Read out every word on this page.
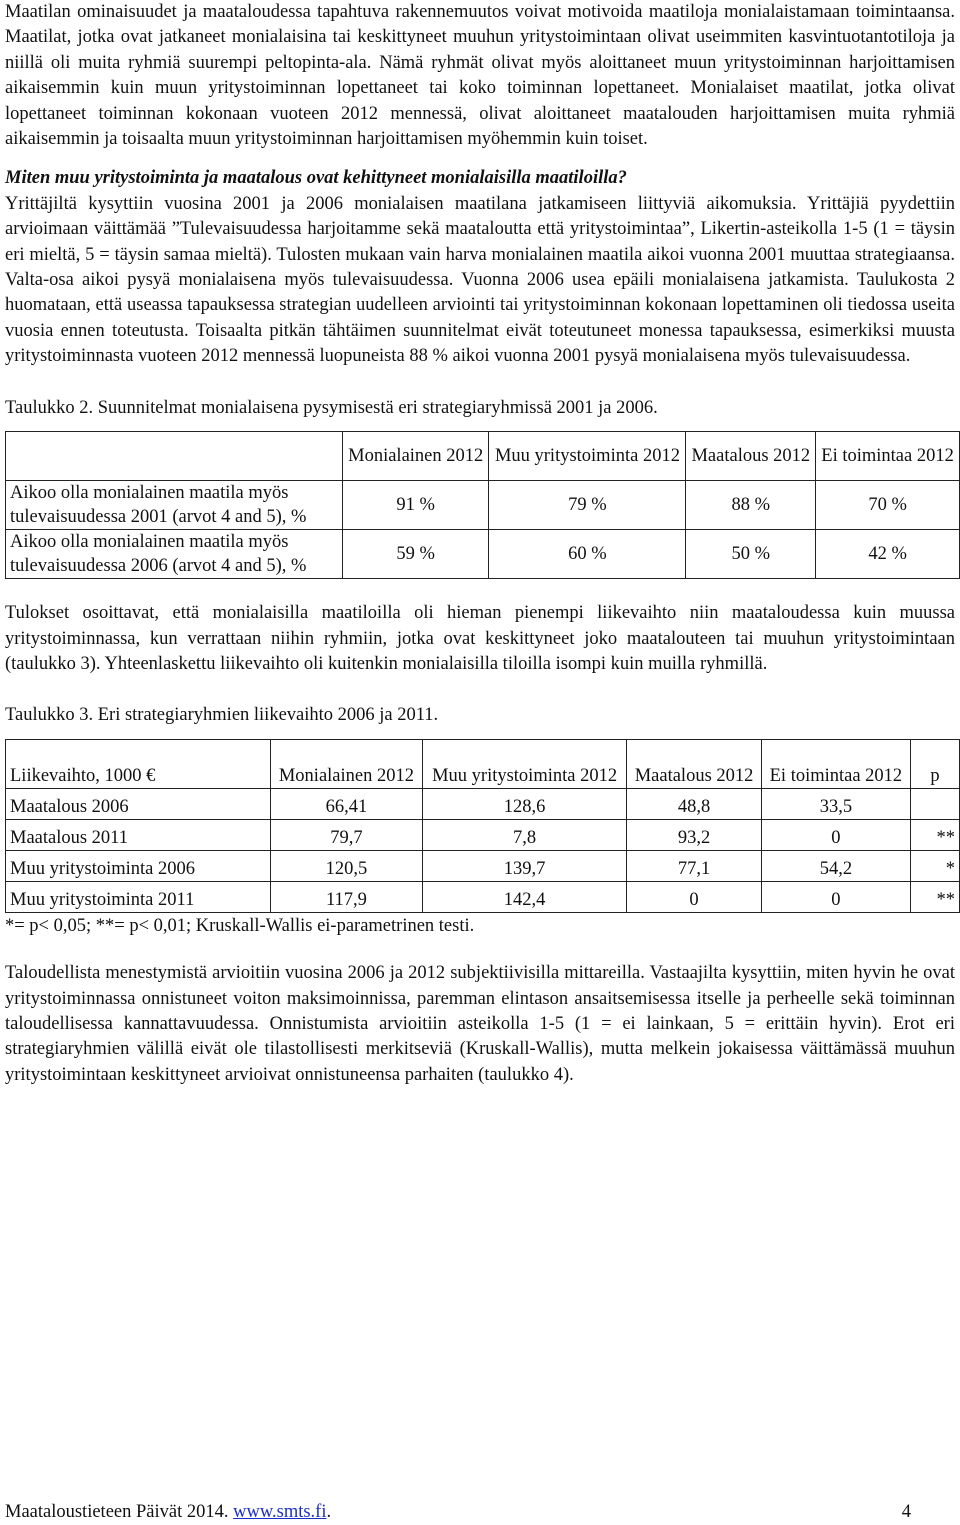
Maatilan ominaisuudet ja maataloudessa tapahtuva rakennemuutos voivat motivoida maatiloja monialaistamaan toimintaansa. Maatilat, jotka ovat jatkaneet monialaisina tai keskittyneet muuhun yritystoimintaan olivat useimmiten kasvintuotantotiloja ja niillä oli muita ryhmiä suurempi peltopinta-ala. Nämä ryhmät olivat myös aloittaneet muun yritystoiminnan harjoittamisen aikaisemmin kuin muun yritystoiminnan lopettaneet tai koko toiminnan lopettaneet. Monialaiset maatilat, jotka olivat lopettaneet toiminnan kokonaan vuoteen 2012 mennessä, olivat aloittaneet maatalouden harjoittamisen muita ryhmiä aikaisemmin ja toisaalta muun yritystoiminnan harjoittamisen myöhemmin kuin toiset.

Miten muu yritystoiminta ja maatalous ovat kehittyneet monialaisilla maatiloilla?

Yrittäjiltä kysyttiin vuosina 2001 ja 2006 monialaisen maatilana jatkamiseen liittyviä aikomuksia. Yrittäjiä pyydettiin arvioimaan väittämää ”Tulevaisuudessa harjoitamme sekä maataloutta että yritystoimintaa”, Likertin-asteikolla 1-5 (1 = täysin eri mieltä, 5 = täysin samaa mieltä). Tulosten mukaan vain harva monialainen maatila aikoi vuonna 2001 muuttaa strategiaansa. Valta-osa aikoi pysyä monialaisena myös tulevaisuudessa. Vuonna 2006 usea epäili monialaisena jatkamista. Taulukosta 2 huomataan, että useassa tapauksessa strategian uudelleen arviointi tai yritystoiminnan kokonaan lopettaminen oli tiedossa useita vuosia ennen toteutusta. Toisaalta pitkän tähtäimen suunnitelmat eivät toteutuneet monessa tapauksessa, esimerkiksi muusta yritystoiminnasta vuoteen 2012 mennessä luopuneista 88 % aikoi vuonna 2001 pysyä monialaisena myös tulevaisuudessa.

Taulukko 2. Suunnitelmat monialaisena pysymisestä eri strategiaryhmissä 2001 ja 2006.

	Monialainen 2012	Muu yritystoiminta 2012	Maatalous 2012	Ei toimintaa 2012
Aikoo olla monialainen maatila myös tulevaisuudessa 2001 (arvot 4 and 5), %	91 %	79 %	88 %	70 %
Aikoo olla monialainen maatila myös tulevaisuudessa 2006 (arvot 4 and 5), %	59 %	60 %	50 %	42 %

Tulokset osoittavat, että monialaisilla maatiloilla oli hieman pienempi liikevaihto niin maataloudessa kuin muussa yritystoiminnassa, kun verrattaan niihin ryhmiin, jotka ovat keskittyneet joko maatalouteen tai muuhun yritystoimintaan (taulukko 3). Yhteenlaskettu liikevaihto oli kuitenkin monialaisilla tiloilla isompi kuin muilla ryhmillä.

Taulukko 3. Eri strategiaryhmien liikevaihto 2006 ja 2011.

Liikevaihto, 1000 €	Monialainen 2012	Muu yritystoiminta 2012	Maatalous 2012	Ei toimintaa 2012	p
Maatalous 2006	66,41	128,6	48,8	33,5	
Maatalous 2011	79,7	7,8	93,2	0	**
Muu yritystoiminta 2006	120,5	139,7	77,1	54,2	*
Muu yritystoiminta 2011	117,9	142,4	0	0	**

*= p< 0,05; **= p< 0,01; Kruskall-Wallis ei-parametrinen testi.

Taloudellista menestymistä arvioitiin vuosina 2006 ja 2012 subjektiivisilla mittareilla. Vastaajilta kysyttiin, miten hyvin he ovat yritystoiminnassa onnistuneet voiton maksimoinnissa, paremman elintason ansaitsemisessa itselle ja perheelle sekä toiminnan taloudellisessa kannattavuudessa. Onnistumista arvioitiin asteikolla 1-5 (1 = ei lainkaan, 5 = erittäin hyvin). Erot eri strategiaryhmien välillä eivät ole tilastollisesti merkitseviä (Kruskall-Wallis), mutta melkein jokaisessa väittämässä muuhun yritystoimintaan keskittyneet arvioivat onnistuneensa parhaiten (taulukko 4).

Maataloustieteen Päivät 2014. www.smts.fi.	4
